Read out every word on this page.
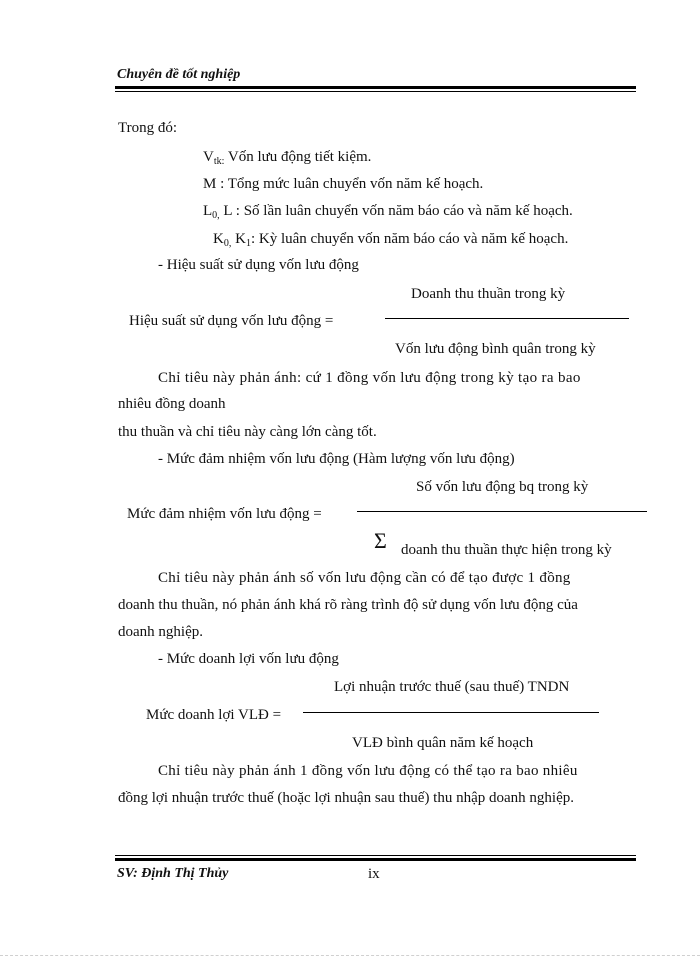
Chuyên đề tốt nghiệp
Trong đó:
$V_{tk:}$ Vốn lưu động tiết kiệm.
M : Tổng mức luân chuyển vốn năm kế hoạch.
$L_{0,}$ L : Số lần luân chuyển vốn năm báo cáo và năm kế hoạch.
$K_{0,}$ $K_1$: Kỳ luân chuyển vốn năm báo cáo và năm kế hoạch.
- Hiệu suất sử dụng vốn lưu động
Doanh thu thuần trong kỳ
Hiệu suất sử dụng vốn lưu động =
Vốn lưu động bình quân trong kỳ
Chỉ tiêu này phản ánh: cứ 1 đồng vốn lưu động trong kỳ tạo ra bao
nhiêu đồng doanh
thu thuần và chỉ tiêu này càng lớn càng tốt.
- Mức đảm nhiệm vốn lưu động (Hàm lượng vốn lưu động)
Số vốn lưu động bq trong kỳ
Mức đảm nhiệm vốn lưu động =
Σ doanh thu thuần thực hiện trong kỳ
Chỉ tiêu này phản ánh số vốn lưu động cần có để tạo được 1 đồng
doanh thu thuần, nó phản ánh khá rõ ràng trình độ sử dụng vốn lưu động của
doanh nghiệp.
- Mức doanh lợi vốn lưu động
Lợi nhuận trước thuế (sau thuế) TNDN
Mức doanh lợi VLĐ =
VLĐ bình quân năm kế hoạch
Chỉ tiêu này phản ánh 1 đồng vốn lưu động có thể tạo ra bao nhiêu
đồng lợi nhuận trước thuế (hoặc lợi nhuận sau thuế) thu nhập doanh nghiệp.
SV: Định Thị Thủy	ix
